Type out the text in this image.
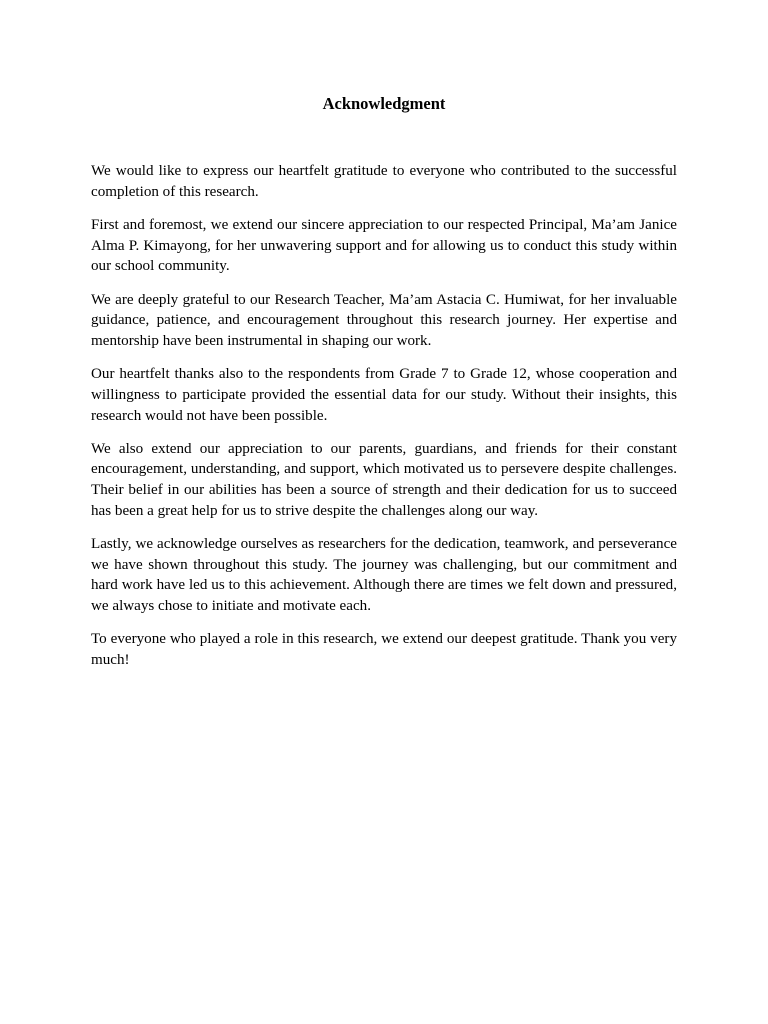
Acknowledgment

We would like to express our heartfelt gratitude to everyone who contributed to the successful completion of this research.

First and foremost, we extend our sincere appreciation to our respected Principal, Ma’am Janice Alma P. Kimayong, for her unwavering support and for allowing us to conduct this study within our school community.

We are deeply grateful to our Research Teacher, Ma’am Astacia C. Humiwat, for her invaluable guidance, patience, and encouragement throughout this research journey. Her expertise and mentorship have been instrumental in shaping our work.

Our heartfelt thanks also to the respondents from Grade 7 to Grade 12, whose cooperation and willingness to participate provided the essential data for our study. Without their insights, this research would not have been possible.

We also extend our appreciation to our parents, guardians, and friends for their constant encouragement, understanding, and support, which motivated us to persevere despite challenges. Their belief in our abilities has been a source of strength and their dedication for us to succeed has been a great help for us to strive despite the challenges along our way.

Lastly, we acknowledge ourselves as researchers for the dedication, teamwork, and perseverance we have shown throughout this study. The journey was challenging, but our commitment and hard work have led us to this achievement. Although there are times we felt down and pressured, we always chose to initiate and motivate each.

To everyone who played a role in this research, we extend our deepest gratitude. Thank you very much!
